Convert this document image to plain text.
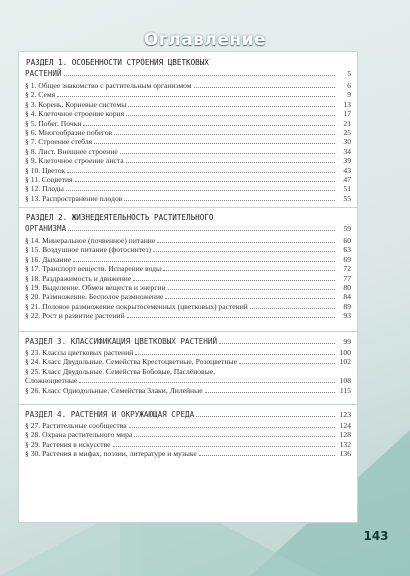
Оглавление
РАЗДЕЛ 1. ОСОБЕННОСТИ СТРОЕНИЯ ЦВЕТКОВЫХ
РАСТЕНИЙ	5
§ 1. Общее знакомство с растительным организмом	6
§ 2. Семя	9
§ 3. Корень. Корневые системы	13
§ 4. Клеточное строение корня	17
§ 5. Побег. Почки	21
§ 6. Многообразие побегов	25
§ 7. Строение стебля	30
§ 8. Лист. Внешнее строение	34
§ 9. Клеточное строение листа	39
§ 10. Цветок	43
§ 11. Соцветия	47
§ 12. Плоды	51
§ 13. Распространение плодов	55
РАЗДЕЛ 2. ЖИЗНЕДЕЯТЕЛЬНОСТЬ РАСТИТЕЛЬНОГО
ОРГАНИЗМА	59
§ 14. Минеральное (почвенное) питание	60
§ 15. Воздушное питание (фотосинтез)	63
§ 16. Дыхание	69
§ 17. Транспорт веществ. Испарение воды	72
§ 18. Раздражимость и движение	77
§ 19. Выделение. Обмен веществ и энергии	80
§ 20. Размножение. Бесполое размножение	84
§ 21. Половое размножение покрытосеменных (цветковых) растений	89
§ 22. Рост и развитие растений	93
РАЗДЕЛ 3. КЛАССИФИКАЦИЯ ЦВЕТКОВЫХ РАСТЕНИЙ	99
§ 23. Классы цветковых растений	100
§ 24. Класс Двудольные. Семейства Крестоцветные, Розоцветные	102
§ 25. Класс Двудольные. Семейства Бобовые, Паслёновые,
Сложноцветные	108
§ 26. Класс Однодольные. Семейства Злаки, Лилейные	115
РАЗДЕЛ 4. РАСТЕНИЯ И ОКРУЖАЮЩАЯ СРЕДА	123
§ 27. Растительные сообщества	124
§ 28. Охрана растительного мира	128
§ 29. Растения в искусстве	132
§ 30. Растения в мифах, поэзии, литературе и музыке	136
143
